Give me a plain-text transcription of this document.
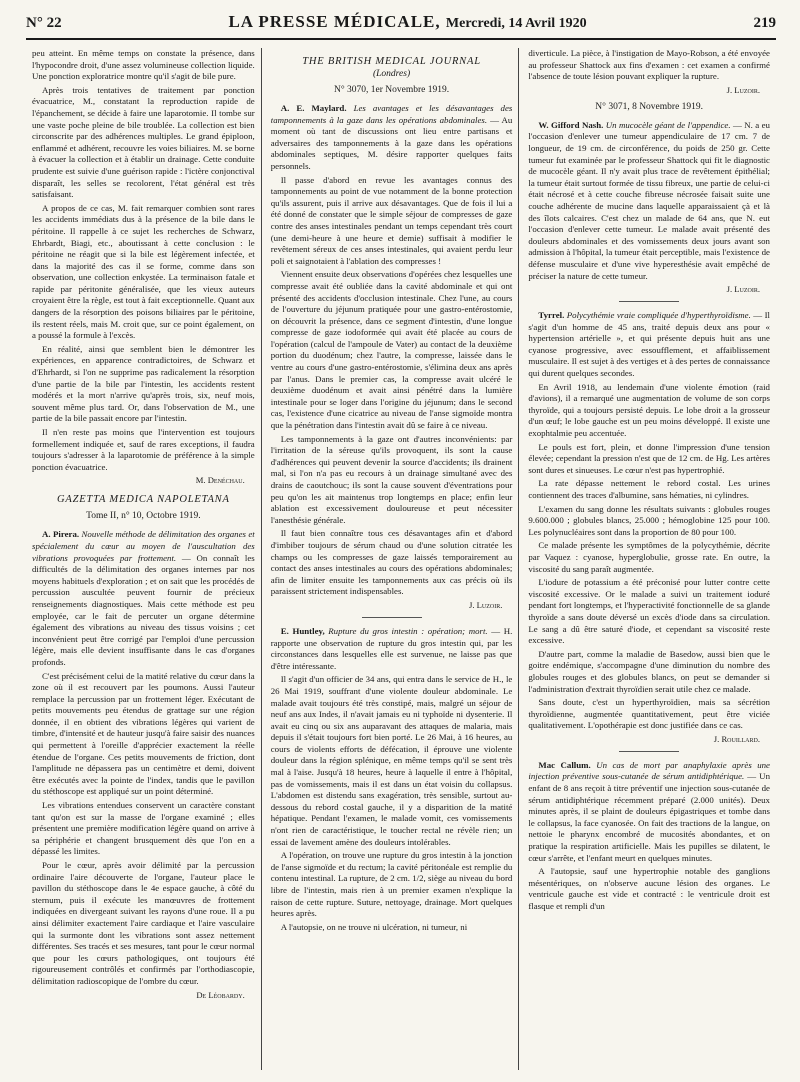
N° 22	LA PRESSE MÉDICALE, Mercredi, 14 Avril 1920	219

peu atteint. En même temps on constate la présence, dans l'hypocondre droit, d'une assez volumineuse collection liquide. Une ponction exploratrice montre qu'il s'agit de bile pure.

Après trois tentatives de traitement par ponction évacuatrice, M., constatant la reproduction rapide de l'épanchement, se décide à faire une laparotomie. Il tombe sur une vaste poche pleine de bile troublée. La collection est bien circonscrite par des adhérences multiples. Le grand épiploon, enflammé et adhérent, recouvre les voies biliaires. M. se borne à évacuer la collection et à établir un drainage. Cette conduite prudente est suivie d'une guérison rapide : l'ictère conjonctival disparaît, les selles se recolorent, l'état général est très satisfaisant.

A propos de ce cas, M. fait remarquer combien sont rares les accidents immédiats dus à la présence de la bile dans le péritoine. Il rappelle à ce sujet les recherches de Schwarz, Ehrbardt, Biagi, etc., aboutissant à cette conclusion : le péritoine ne réagit que si la bile est légèrement infectée, et dans la majorité des cas il se forme, comme dans son observation, une collection enkystée. La terminaison fatale et rapide par péritonite généralisée, que les vieux auteurs croyaient être la règle, est tout à fait exceptionnelle. Quant aux dangers de la résorption des poisons biliaires par le péritoine, ils restent réels, mais M. croit que, sur ce point également, on a poussé la formule à l'excès.

En réalité, ainsi que semblent bien le démontrer les expériences, en apparence contradictoires, de Schwarz et d'Ehrhardt, si l'on ne supprime pas radicalement la résorption d'une partie de la bile par l'intestin, les accidents restent modérés et la mort n'arrive qu'après trois, six, neuf mois, souvent même plus tard. Or, dans l'observation de M., une partie de la bile passait encore par l'intestin.

Il n'en reste pas moins que l'intervention est toujours formellement indiquée et, sauf de rares exceptions, il faudra toujours s'adresser à la laparotomie de préférence à la simple ponction évacuatrice.

M. Denéchau.
GAZETTA MEDICA NAPOLETANA
Tome II, n° 10, Octobre 1919.

A. Pirera. Nouvelle méthode de délimitation des organes et spécialement du cœur au moyen de l'auscultation des vibrations provoquées par frottement. — On connaît les difficultés de la délimitation des organes internes par nos moyens habituels d'exploration ; et on sait que les procédés de percussion auscultée peuvent fournir de précieux renseignements diagnostiques. Mais cette méthode est peu employée, car le fait de percuter un organe détermine également des vibrations au niveau des tissus voisins ; cet inconvénient peut être corrigé par l'emploi d'une percussion légère, mais elle devient insuffisante dans le cas d'organes profonds.

C'est précisément celui de la matité relative du cœur dans la zone où il est recouvert par les poumons. Aussi l'auteur remplace la percussion par un frottement léger. Exécutant de petits mouvements peu étendus de grattage sur une région donnée, il en obtient des vibrations légères qui varient de timbre, d'intensité et de hauteur jusqu'à faire saisir des nuances qui permettent à l'oreille d'apprécier exactement la réelle étendue de l'organe. Ces petits mouvements de friction, dont l'amplitude ne dépassera pas un centimètre et demi, doivent être exécutés avec la pointe de l'index, tandis que le pavillon du stéthoscope est appliqué sur un point déterminé.

Les vibrations entendues conservent un caractère constant tant qu'on est sur la masse de l'organe examiné ; elles présentent une première modification légère quand on arrive à sa périphérie et changent brusquement dès que l'on en a dépassé les limites.

Pour le cœur, après avoir délimité par la percussion ordinaire l'aire découverte de l'organe, l'auteur place le pavillon du stéthoscope dans le 4e espace gauche, à côté du sternum, puis il exécute les manœuvres de frottement indiquées en divergeant suivant les rayons d'une roue. Il a pu ainsi délimiter exactement l'aire cardiaque et l'aire vasculaire qui la surmonte dont les vibrations sont assez nettement différentes. Ses tracés et ses mesures, tant pour le cœur normal que pour les cœurs pathologiques, ont toujours été rigoureusement contrôlés et confirmés par l'orthodiascopie, délimitation radioscopique de l'ombre du cœur.

De Léobardy.
THE BRITISH MEDICAL JOURNAL
(Londres)
N° 3070, 1er Novembre 1919.

A. E. Maylard. Les avantages et les désavantages des tamponnements à la gaze dans les opérations abdominales. — Au moment où tant de discussions ont lieu entre partisans et adversaires des tamponnements à la gaze dans les opérations abdominales septiques, M. désire rapporter quelques faits personnels.

Il passe d'abord en revue les avantages connus des tamponnements au point de vue notamment de la bonne protection qu'ils assurent, puis il arrive aux désavantages. Que de fois il lui a été donné de constater que le simple séjour de compresses de gaze contre des anses intestinales pendant un temps cependant très court (une demi-heure à une heure et demie) suffisait à modifier le revêtement séreux de ces anses intestinales, qui avaient perdu leur poli et saignotaient à l'ablation des compresses !

Viennent ensuite deux observations d'opérées chez lesquelles une compresse avait été oubliée dans la cavité abdominale et qui ont présenté des accidents d'occlusion intestinale. Chez l'une, au cours de l'ouverture du jéjunum pratiquée pour une gastro-entérostomie, on découvrit la présence, dans ce segment d'intestin, d'une longue compresse de gaze iodoformée qui avait été placée au cours de l'opération (calcul de l'ampoule de Vater) au contact de la deuxième portion du duodénum; chez l'autre, la compresse, laissée dans le ventre au cours d'une gastro-entérostomie, s'élimina deux ans après par l'anus. Dans le premier cas, la compresse avait ulcéré le deuxième duodénum et avait ainsi pénétré dans la lumière intestinale pour se loger dans l'origine du jéjunum; dans le second cas, l'existence d'une cicatrice au niveau de l'anse sigmoïde montra que la pénétration dans l'intestin avait dû se faire à ce niveau.

Les tamponnements à la gaze ont d'autres inconvénients: par l'irritation de la séreuse qu'ils provoquent, ils sont la cause d'adhérences qui peuvent devenir la source d'accidents; ils drainent mal, si l'on n'a pas eu recours à un drainage simultané avec des drains de caoutchouc; ils sont la cause souvent d'éventrations pour peu qu'on les ait maintenus trop longtemps en place; enfin leur ablation est excessivement douloureuse et peut nécessiter l'anesthésie générale.

Il faut bien connaître tous ces désavantages afin et d'abord d'imbiber toujours de sérum chaud ou d'une solution citratée les champs ou les compresses de gaze laissés temporairement au contact des anses intestinales au cours des opérations abdominales; afin de limiter ensuite les tamponnements aux cas précis où ils paraissent strictement indispensables.

J. Luzoir.

E. Huntley, Rupture du gros intestin : opération; mort. — H. rapporte une observation de rupture du gros intestin qui, par les circonstances dans lesquelles elle est survenue, ne laisse pas que d'être intéressante.

Il s'agit d'un officier de 34 ans, qui entra dans le service de H., le 26 Mai 1919, souffrant d'une violente douleur abdominale. Le malade avait toujours été très constipé, mais, malgré un séjour de neuf ans aux Indes, il n'avait jamais eu ni typhoïde ni dysenterie. Il avait eu cinq ou six ans auparavant des attaques de malaria, mais depuis il s'était toujours fort bien porté. Le 26 Mai, à 16 heures, au cours de violents efforts de défécation, il éprouve une violente douleur dans la région splénique, en même temps qu'il se sent très mal à l'aise. Jusqu'à 18 heures, heure à laquelle il entre à l'hôpital, pas de vomissements, mais il est dans un état voisin du collapsus. L'abdomen est distendu sans exagération, très sensible, surtout au-dessous du rebord costal gauche, il y a disparition de la matité hépatique. Pendant l'examen, le malade vomit, ces vomissements n'ont rien de caractéristique, le toucher rectal ne révèle rien; un essai de lavement amène des douleurs intolérables.

A l'opération, on trouve une rupture du gros intestin à la jonction de l'anse sigmoïde et du rectum; la cavité péritonéale est remplie du contenu intestinal. La rupture, de 2 cm. 1/2, siège au niveau du bord libre de l'intestin, mais rien à un premier examen n'explique la raison de cette rupture. Suture, nettoyage, drainage. Mort quelques heures après.

A l'autopsie, on ne trouve ni ulcération, ni tumeur, ni

diverticule. La pièce, à l'instigation de Mayo-Robson, a été envoyée au professeur Shattock aux fins d'examen : cet examen a confirmé l'absence de toute lésion pouvant expliquer la rupture.

J. Luzoir.
N° 3071, 8 Novembre 1919.

W. Gifford Nash. Un mucocèle géant de l'appendice. — N. a eu l'occasion d'enlever une tumeur appendiculaire de 17 cm. 7 de longueur, de 19 cm. de circonférence, du poids de 250 gr. Cette tumeur fut examinée par le professeur Shattock qui fit le diagnostic de mucocèle géant. Il n'y avait plus trace de revêtement épithélial; la tumeur était surtout formée de tissu fibreux, une partie de celui-ci était nécrosé et à cette couche fibreuse nécrosée faisait suite une couche adhérente de mucine dans laquelle apparaissaient çà et là des îlots calcaires. C'est chez un malade de 64 ans, que N. eut l'occasion d'enlever cette tumeur. Le malade avait présenté des douleurs abdominales et des vomissements deux jours avant son admission à l'hôpital, la tumeur était perceptible, mais l'existence de défense musculaire et d'une vive hyperesthésie avait empêché de préciser la nature de cette tumeur.

J. Luzoir.

Tyrrel. Polycythémie vraie compliquée d'hyperthyroïdisme. — Il s'agit d'un homme de 45 ans, traité depuis deux ans pour « hypertension artérielle », et qui présente depuis huit ans une cyanose progressive, avec essoufflement, et affaiblissement musculaire. Il est sujet à des vertiges et à des pertes de connaissance qui durent quelques secondes.

En Avril 1918, au lendemain d'une violente émotion (raid d'avions), il a remarqué une augmentation de volume de son corps thyroïde, qui a toujours persisté depuis. Le lobe droit a la grosseur d'un œuf; le lobe gauche est un peu moins développé. Il existe une exophtalmie peu accentuée.

Le pouls est fort, plein, et donne l'impression d'une tension élevée; cependant la pression n'est que de 12 cm. de Hg. Les artères sont dures et sinueuses. Le cœur n'est pas hypertrophié.

La rate dépasse nettement le rebord costal. Les urines contiennent des traces d'albumine, sans hématies, ni cylindres.

L'examen du sang donne les résultats suivants : globules rouges 9.600.000 ; globules blancs, 25.000 ; hémoglobine 125 pour 100. Les polynucléaires sont dans la proportion de 80 pour 100.

Ce malade présente les symptômes de la polycythémie, décrite par Vaquez : cyanose, hyperglobulie, grosse rate. En outre, la viscosité du sang paraît augmentée.

L'iodure de potassium a été préconisé pour lutter contre cette viscosité excessive. Or le malade a suivi un traitement ioduré pendant fort longtemps, et l'hyperactivité fonctionnelle de sa glande thyroïde a sans doute déversé un excès d'iode dans sa circulation. Le sang a dû être saturé d'iode, et cependant sa viscosité reste excessive.

D'autre part, comme la maladie de Basedow, aussi bien que le goitre endémique, s'accompagne d'une diminution du nombre des globules rouges et des globules blancs, on peut se demander si l'administration d'extrait thyroïdien serait utile chez ce malade.

Sans doute, c'est un hyperthyroïdien, mais sa sécrétion thyroïdienne, augmentée quantitativement, peut être viciée qualitativement. L'opothérapie est donc justifiée dans ce cas.

J. Rouillard.

Mac Callum. Un cas de mort par anaphylaxie après une injection préventive sous-cutanée de sérum antidiphtérique. — Un enfant de 8 ans reçoit à titre préventif une injection sous-cutanée de sérum antidiphtérique récemment préparé (2.000 unités). Deux minutes après, il se plaint de douleurs épigastriques et tombe dans le collapsus, la face cyanosée. On fait des tractions de la langue, on nettoie le pharynx encombré de mucosités abondantes, et on pratique la respiration artificielle. Mais les pupilles se dilatent, le cœur s'arrête, et l'enfant meurt en quelques minutes.

A l'autopsie, sauf une hypertrophie notable des ganglions mésentériques, on n'observe aucune lésion des organes. Le ventricule gauche est vide et contracté : le ventricule droit est flasque et rempli d'un
